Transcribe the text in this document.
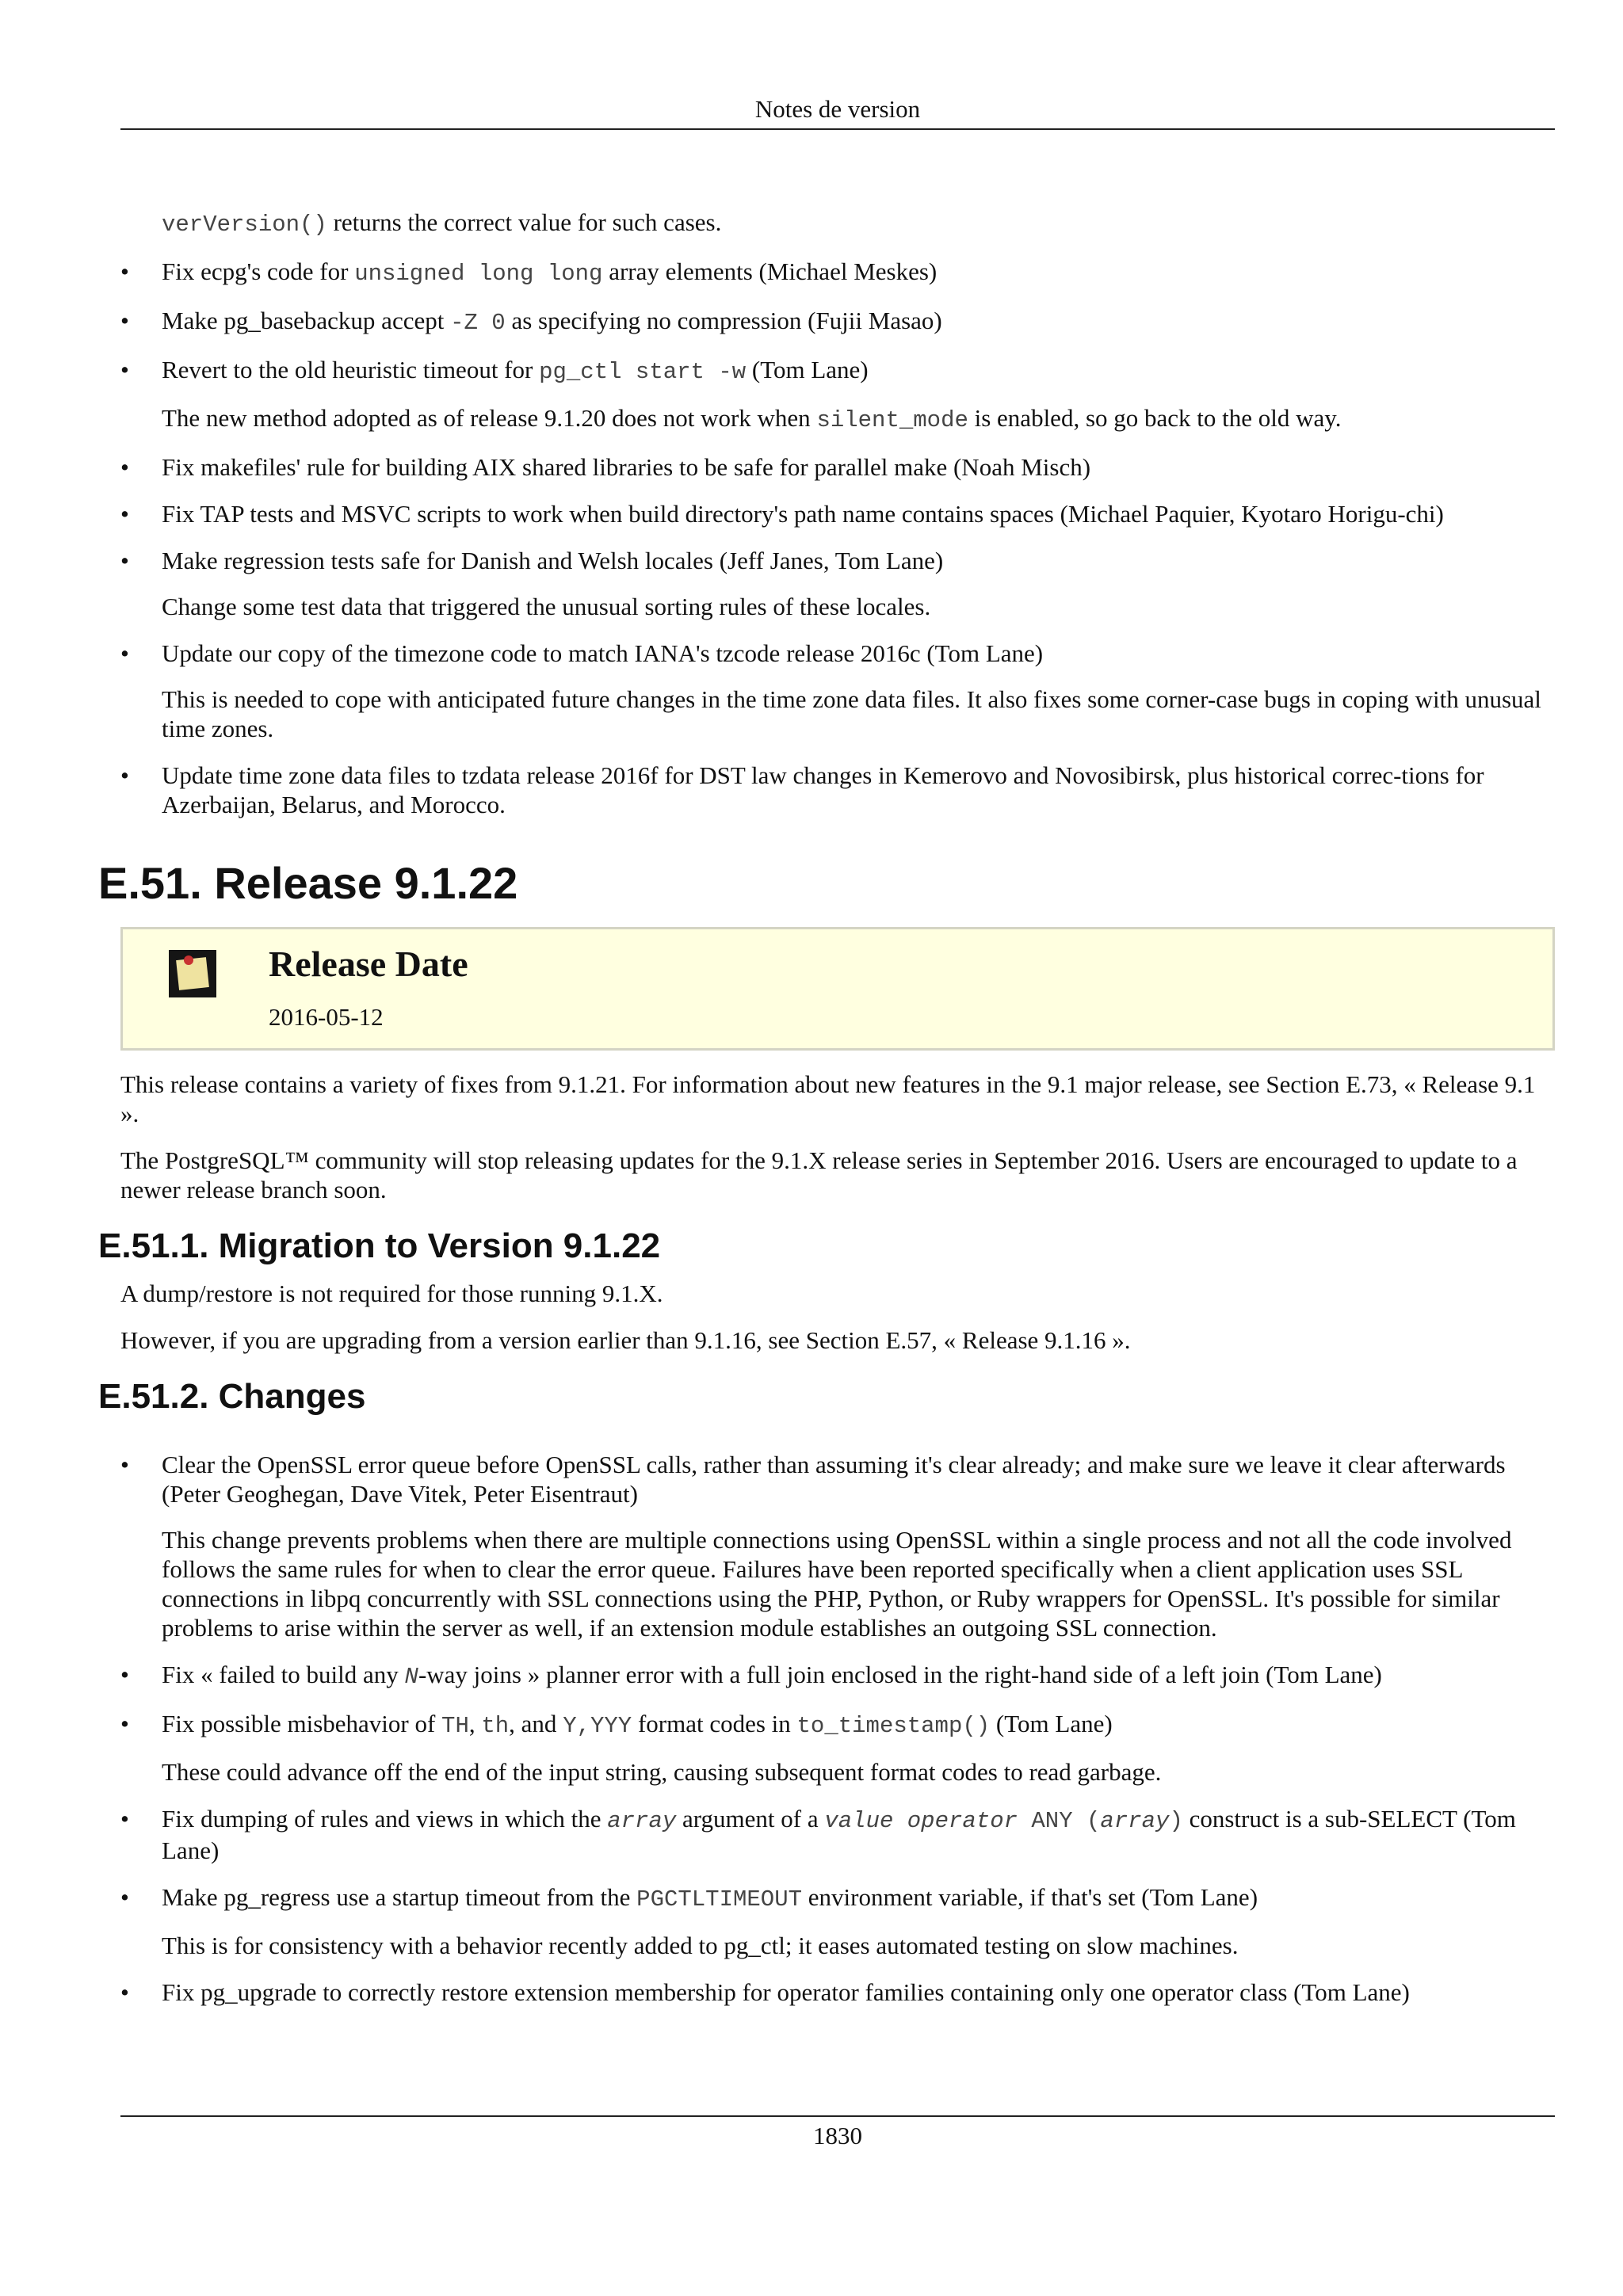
Notes de version
verVersion() returns the correct value for such cases.
• Fix ecpg's code for unsigned long long array elements (Michael Meskes)
• Make pg_basebackup accept -Z 0 as specifying no compression (Fujii Masao)
• Revert to the old heuristic timeout for pg_ctl start -w (Tom Lane)
The new method adopted as of release 9.1.20 does not work when silent_mode is enabled, so go back to the old way.
• Fix makefiles' rule for building AIX shared libraries to be safe for parallel make (Noah Misch)
• Fix TAP tests and MSVC scripts to work when build directory's path name contains spaces (Michael Paquier, Kyotaro Horigu-chi)
• Make regression tests safe for Danish and Welsh locales (Jeff Janes, Tom Lane)
Change some test data that triggered the unusual sorting rules of these locales.
• Update our copy of the timezone code to match IANA's tzcode release 2016c (Tom Lane)
This is needed to cope with anticipated future changes in the time zone data files. It also fixes some corner-case bugs in coping with unusual time zones.
• Update time zone data files to tzdata release 2016f for DST law changes in Kemerovo and Novosibirsk, plus historical correc-tions for Azerbaijan, Belarus, and Morocco.
E.51. Release 9.1.22
Release Date
2016-05-12

This release contains a variety of fixes from 9.1.21. For information about new features in the 9.1 major release, see Section E.73, « Release 9.1 ».

The PostgreSQL™ community will stop releasing updates for the 9.1.X release series in September 2016. Users are encouraged to update to a newer release branch soon.

E.51.1. Migration to Version 9.1.22

A dump/restore is not required for those running 9.1.X.

However, if you are upgrading from a version earlier than 9.1.16, see Section E.57, « Release 9.1.16 ».

E.51.2. Changes
• Clear the OpenSSL error queue before OpenSSL calls, rather than assuming it's clear already; and make sure we leave it clear afterwards (Peter Geoghegan, Dave Vitek, Peter Eisentraut)
This change prevents problems when there are multiple connections using OpenSSL within a single process and not all the code involved follows the same rules for when to clear the error queue. Failures have been reported specifically when a client application uses SSL connections in libpq concurrently with SSL connections using the PHP, Python, or Ruby wrappers for OpenSSL. It's possible for similar problems to arise within the server as well, if an extension module establishes an outgoing SSL connection.
• Fix « failed to build any N-way joins » planner error with a full join enclosed in the right-hand side of a left join (Tom Lane)
• Fix possible misbehavior of TH, th, and Y,YYY format codes in to_timestamp() (Tom Lane)
These could advance off the end of the input string, causing subsequent format codes to read garbage.
• Fix dumping of rules and views in which the array argument of a value operator ANY (array) construct is a sub-SELECT (Tom Lane)
• Make pg_regress use a startup timeout from the PGCTLTIMEOUT environment variable, if that's set (Tom Lane)
This is for consistency with a behavior recently added to pg_ctl; it eases automated testing on slow machines.
• Fix pg_upgrade to correctly restore extension membership for operator families containing only one operator class (Tom Lane)
1830
